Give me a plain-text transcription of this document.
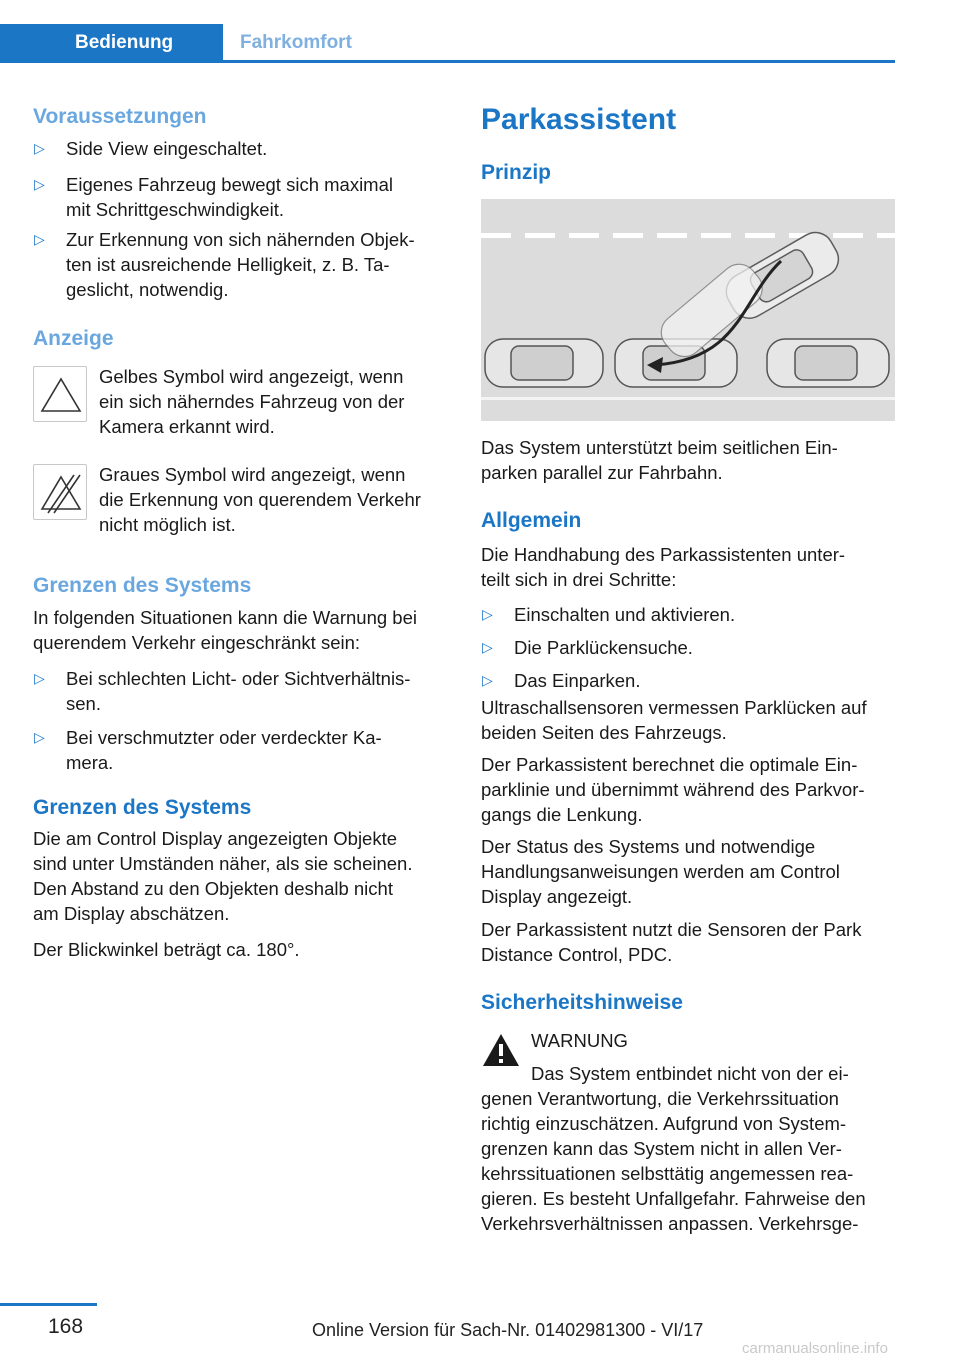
Bedienung	Fahrkomfort
Voraussetzungen
▷ Side View eingeschaltet.
▷ Eigenes Fahrzeug bewegt sich maximal
mit Schrittgeschwindigkeit.
▷ Zur Erkennung von sich nähernden Objek-
ten ist ausreichende Helligkeit, z. B. Ta-
geslicht, notwendig.
Anzeige
Gelbes Symbol wird angezeigt, wenn
ein sich näherndes Fahrzeug von der
Kamera erkannt wird.
Graues Symbol wird angezeigt, wenn
die Erkennung von querendem Verkehr
nicht möglich ist.
Grenzen des Systems
In folgenden Situationen kann die Warnung bei
querendem Verkehr eingeschränkt sein:
▷ Bei schlechten Licht- oder Sichtverhältnis-
sen.
▷ Bei verschmutzter oder verdeckter Ka-
mera.
Grenzen des Systems
Die am Control Display angezeigten Objekte
sind unter Umständen näher, als sie scheinen.
Den Abstand zu den Objekten deshalb nicht
am Display abschätzen.
Der Blickwinkel beträgt ca. 180°.
Parkassistent
Prinzip
Das System unterstützt beim seitlichen Ein-
parken parallel zur Fahrbahn.
Allgemein
Die Handhabung des Parkassistenten unter-
teilt sich in drei Schritte:
▷ Einschalten und aktivieren.
▷ Die Parklückensuche.
▷ Das Einparken.
Ultraschallsensoren vermessen Parklücken auf
beiden Seiten des Fahrzeugs.
Der Parkassistent berechnet die optimale Ein-
parklinie und übernimmt während des Parkvor-
gangs die Lenkung.
Der Status des Systems und notwendige
Handlungsanweisungen werden am Control
Display angezeigt.
Der Parkassistent nutzt die Sensoren der Park
Distance Control, PDC.
Sicherheitshinweise
WARNUNG
Das System entbindet nicht von der ei-
genen Verantwortung, die Verkehrssituation
richtig einzuschätzen. Aufgrund von System-
grenzen kann das System nicht in allen Ver-
kehrssituationen selbsttätig angemessen rea-
gieren. Es besteht Unfallgefahr. Fahrweise den
Verkehrsverhältnissen anpassen. Verkehrsge-
168	Online Version für Sach-Nr. 01402981300 - VI/17
carmanualsonline.info
